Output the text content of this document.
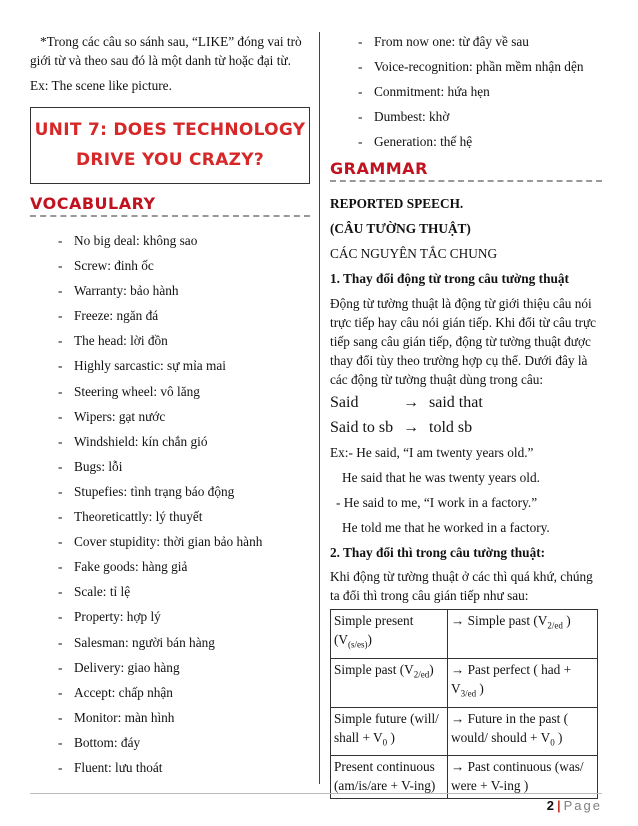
*Trong các câu so sánh sau, “LIKE” đóng vai trò giới từ và theo sau đó là một danh từ hoặc đại từ.

Ex: The scene like picture.

UNIT 7: DOES TECHNOLOGY
DRIVE YOU CRAZY?
VOCABULARY
- No big deal: không sao
- Screw: đinh ốc
- Warranty: bảo hành
- Freeze: ngăn đá
- The head: lời đồn
- Highly sarcastic: sự mỉa mai
- Steering wheel: vô lăng
- Wipers: gạt nước
- Windshield: kín chắn gió
- Bugs: lỗi
- Stupefies: tình trạng báo động
- Theoreticattly: lý thuyết
- Cover stupidity: thời gian bảo hành
- Fake goods: hàng giả
- Scale: tỉ lệ
- Property: hợp lý
- Salesman: người bán hàng
- Delivery: giao hàng
- Accept: chấp nhận
- Monitor: màn hình
- Bottom: đáy
- Fluent: lưu thoát
- From now one: từ đây về sau
- Voice-recognition: phần mềm nhận dện
- Conmitment: hứa hẹn
- Dumbest: khờ
- Generation: thế hệ
GRAMMAR

REPORTED SPEECH.

(CÂU TƯỜNG THUẬT)

CÁC NGUYÊN TẮC CHUNG

1. Thay đổi động từ trong câu tường thuật

Động từ tường thuật là động từ giới thiệu câu nói trực tiếp hay câu nói gián tiếp. Khi đổi từ câu trực tiếp sang câu gián tiếp, động từ tường thuật được thay đổi tùy theo trường hợp cụ thể. Dưới đây là các động từ tường thuật dùng trong câu:

Said	→ said that
Said to sb → told sb

Ex:- He said, “I am twenty years old.”

He said that he was twenty years old.

- He said to me, “I work in a factory.”

He told me that he worked in a factory.

2. Thay đổi thì trong câu tường thuật:

Khi động từ tường thuật ở các thì quá khứ, chúng ta đổi thì trong câu gián tiếp như sau:

Simple present $(V_{(s/es)})$	→ Simple past ($V_{2/ed}$ )
Simple past $(V_{2/ed})$	→ Past perfect ( had + $V_{3/ed}$ )
Simple future (will/ shall + $V_0$ )	→ Future in the past ( would/ should + $V_0$ )
Present continuous (am/is/are + V-ing)	→ Past continuous (was/ were + V-ing )
2 | Page
